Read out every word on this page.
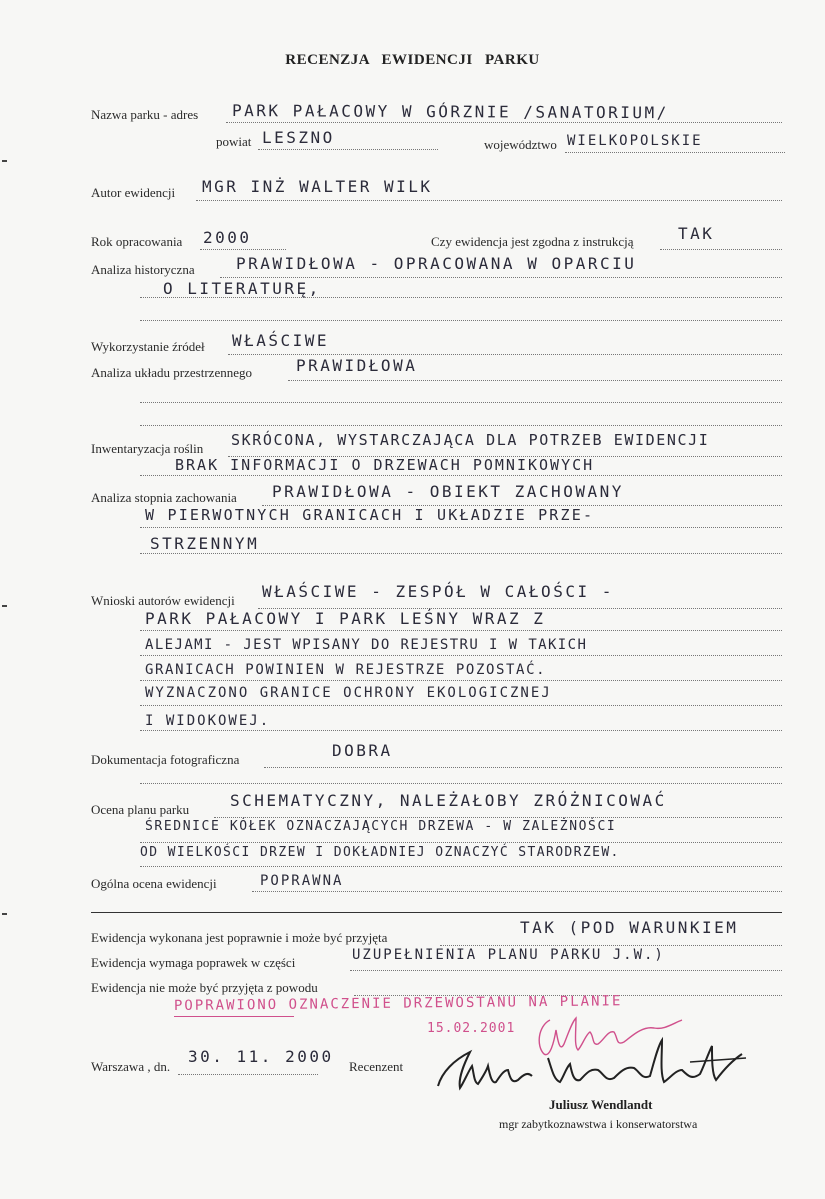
RECENZJA EWIDENCJI PARKU
Nazwa parku - adres PARK PAŁACOWY W GÓRZNIE /SANATORIUM/
powiat LESZNO	województwo WIELKOPOLSKIE
Autor ewidencji MGR INŻ WALTER WILK
Rok opracowania 2000	Czy ewidencja jest zgodna z instrukcją	TAK
Analiza historyczna	PRAWIDŁOWA - OPRACOWANA W OPARCIU
O LITERATURĘ,
Wykorzystanie źródeł WŁAŚCIWE
Analiza układu przestrzennego	PRAWIDŁOWA
Inwentaryzacja roślin SKRÓCONA, WYSTARCZAJĄCA DLA POTRZEB EWIDENCJI
BRAK INFORMACJI O DRZEWACH POMNIKOWYCH
Analiza stopnia zachowania PRAWIDŁOWA - OBIEKT ZACHOWANY
W PIERWOTNYCH GRANICACH I UKŁADZIE PRZE-
STRZENNYM
Wnioski autorów ewidencji WŁAŚCIWE - ZESPÓŁ W CAŁOŚCI -
PARK PAŁACOWY I PARK LEŚNY WRAZ Z
ALEJAMI - JEST WPISANY DO REJESTRU I W TAKICH
GRANICACH POWINIEN W REJESTRZE POZOSTAĆ.
WYZNACZONO GRANICE OCHRONY EKOLOGICZNEJ
I WIDOKOWEJ.
Dokumentacja fotograficzna	DOBRA
Ocena planu parku	SCHEMATYCZNY, NALEŻAŁOBY ZRÓŻNICOWAĆ
ŚREDNICE KÓŁEK OZNACZAJĄCYCH DRZEWA - W ZALEŻNOŚCI
OD WIELKOŚCI DRZEW I DOKŁADNIEJ OZNACZYĆ STARODRZEW.
Ogólna ocena ewidencji	POPRAWNA
Ewidencja wykonana jest poprawnie i może być przyjęta
TAK (POD WARUNKIEM
Ewidencja wymaga poprawek w części	UZUPEŁNIENIA PLANU PARKU J.W.)
Ewidencja nie może być przyjęta z powodu
POPRAWIONO OZNACZENIE DRZEWOSTANU NA PLANIE
15.02.2001
Warszawa , dn.
30. 11. 2000
Recenzent
Juliusz Wendlandt
mgr zabytkoznawstwa i konserwatorstwa
